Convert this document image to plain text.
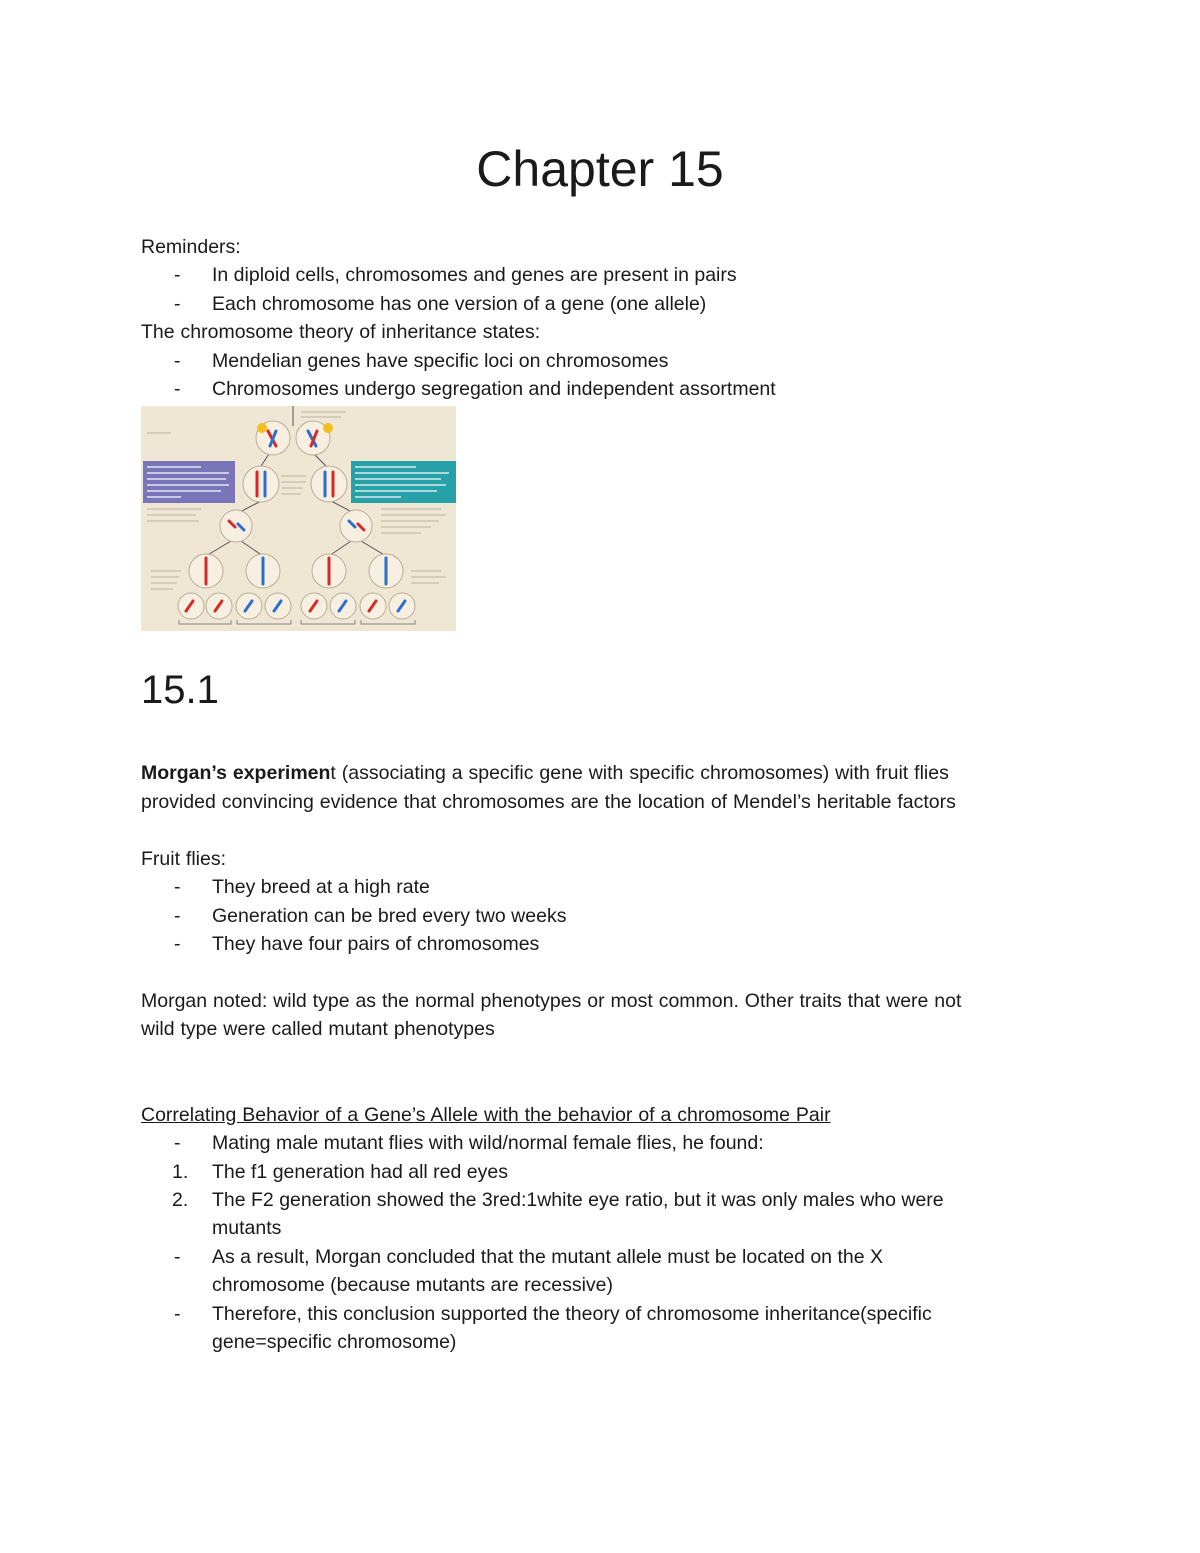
Chapter 15
Reminders:
- In diploid cells, chromosomes and genes are present in pairs
- Each chromosome has one version of a gene (one allele)
The chromosome theory of inheritance states:
- Mendelian genes have specific loci on chromosomes
- Chromosomes undergo segregation and independent assortment
15.1
Morgan’s experiment (associating a specific gene with specific chromosomes) with fruit flies
provided convincing evidence that chromosomes are the location of Mendel’s heritable factors
Fruit flies:
- They breed at a high rate
- Generation can be bred every two weeks
- They have four pairs of chromosomes
Morgan noted: wild type as the normal phenotypes or most common. Other traits that were not
wild type were called mutant phenotypes
Correlating Behavior of a Gene’s Allele with the behavior of a chromosome Pair
- Mating male mutant flies with wild/normal female flies, he found:
1. The f1 generation had all red eyes
2. The F2 generation showed the 3red:1white eye ratio, but it was only males who were
mutants
- As a result, Morgan concluded that the mutant allele must be located on the X
chromosome (because mutants are recessive)
- Therefore, this conclusion supported the theory of chromosome inheritance(specific
gene=specific chromosome)
